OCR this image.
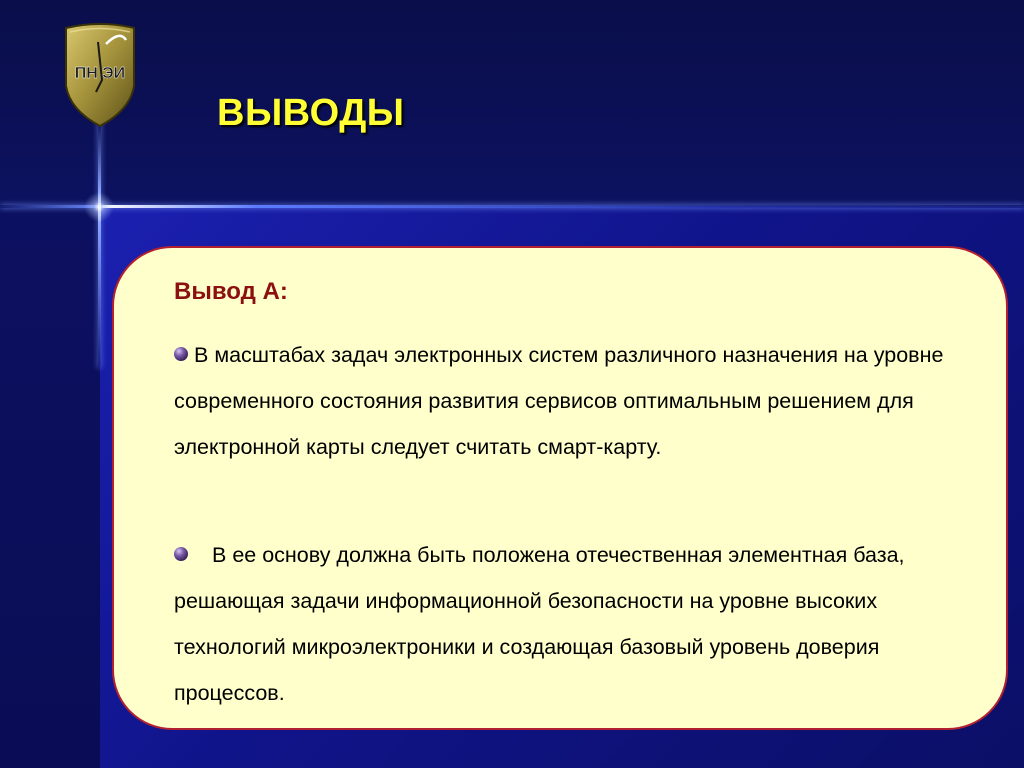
ПН ЭИ
ВЫВОДЫ
Вывод А:
В масштабах задач электронных систем различного назначения на уровне современного состояния развития сервисов оптимальным решением для электронной карты следует считать смарт-карту.
В ее основу должна быть положена отечественная элементная база, решающая задачи информационной безопасности на уровне высоких технологий микроэлектроники и создающая базовый уровень доверия процессов.
